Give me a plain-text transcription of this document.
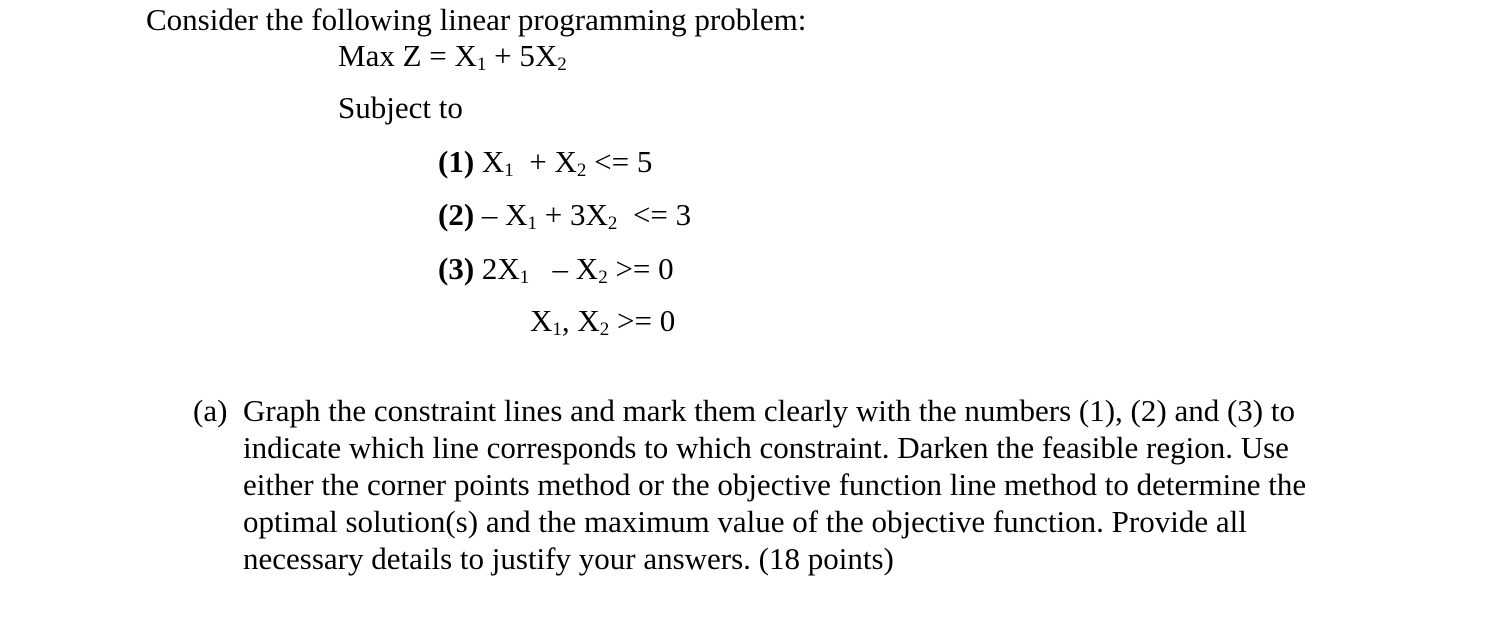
Consider the following linear programming problem:
Max $Z = X_1 + 5X_2$
Subject to
(1) $X_1 + X_2 <= 5$
$(2) - X_1 + 3X_2 <= 3$
(3) $2X_1 - X_2 >= 0$
$X_1$, $X_2 >= 0$
(a) Graph the constraint lines and mark them clearly with the numbers (1), (2) and (3) to
indicate which line corresponds to which constraint. Darken the feasible region. Use
either the corner points method or the objective function line method to determine the
optimal solution(s) and the maximum value of the objective function. Provide all
necessary details to justify your answers. (18 points)
